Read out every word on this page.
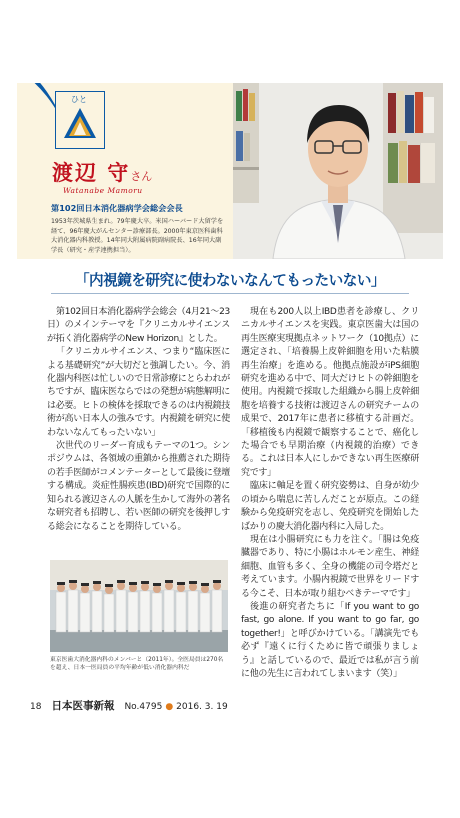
ひと
渡辺 守さん
Watanabe Mamoru
第102回日本消化器病学会総会会長
1953年茨城県生まれ。79年慶大卒。米国ハーバード大留学を経て、96年慶大がんセンター診療部長。2000年東京医科歯科大消化器内科教授。14年同大附属病院副病院長、16年同大副学長（研究・産学連携担当）。
「内視鏡を研究に使わないなんてもったいない」

第102回日本消化器病学会総会（4月21〜23日）のメインテーマを『クリニカルサイエンスが拓く消化器病学のNew Horizon』とした。

「クリニカルサイエンス、つまり“臨床医による基礎研究”が大切だと強調したい。今、消化器内科医は忙しいので日常診療にとらわれがちですが、臨床医ならではの発想が病態解明には必要。ヒトの検体を採取できるのは内視鏡技術が高い日本人の強みです。内視鏡を研究に使わないなんてもったいない」

次世代のリーダー育成もテーマの1つ。シンポジウムは、各領域の重鎮から推薦された期待の若手医師がコメンテーターとして最後に登壇する構成。炎症性腸疾患(IBD)研究で国際的に知られる渡辺さんの人脈を生かして海外の著名な研究者も招聘し、若い医師の研究を後押しする総会になることを期待している。

東京医歯大消化器内科のメンバーと（2011年）。全医局員は270名を超え、日本一医局員の平均年齢が低い消化器内科だ

現在も200人以上IBD患者を診療し、クリニカルサイエンスを実践。東京医歯大は国の再生医療実現拠点ネットワーク（10拠点）に選定され、「培養腸上皮幹細胞を用いた粘膜再生治療」を進める。他拠点施設がiPS細胞研究を進める中で、同大だけヒトの幹細胞を使用。内視鏡で採取した組織から腸上皮幹細胞を培養する技術は渡辺さんの研究チームの成果で、2017年に患者に移植する計画だ。「移植後も内視鏡で観察することで、癌化した場合でも早期治療（内視鏡的治療）できる。これは日本人にしかできない再生医療研究です」

臨床に軸足を置く研究姿勢は、自身が幼少の頃から喘息に苦しんだことが原点。この経験から免疫研究を志し、免疫研究を開始したばかりの慶大消化器内科に入局した。

現在は小腸研究にも力を注ぐ。「腸は免疫臓器であり、特に小腸はホルモン産生、神経細胞、血管も多く、全身の機能の司令塔だと考えています。小腸内視鏡で世界をリードする今こそ、日本が取り組むべきテーマです」

後進の研究者たちに「If you want to go fast, go alone. If you want to go far, go together!」と呼びかけている。「講演先でも必ず『遠くに行くために皆で頑張りましょう』と話しているので、最近では私が言う前に他の先生に言われてしまいます（笑）」

18 日本医事新報 No.4795 ● 2016. 3. 19
